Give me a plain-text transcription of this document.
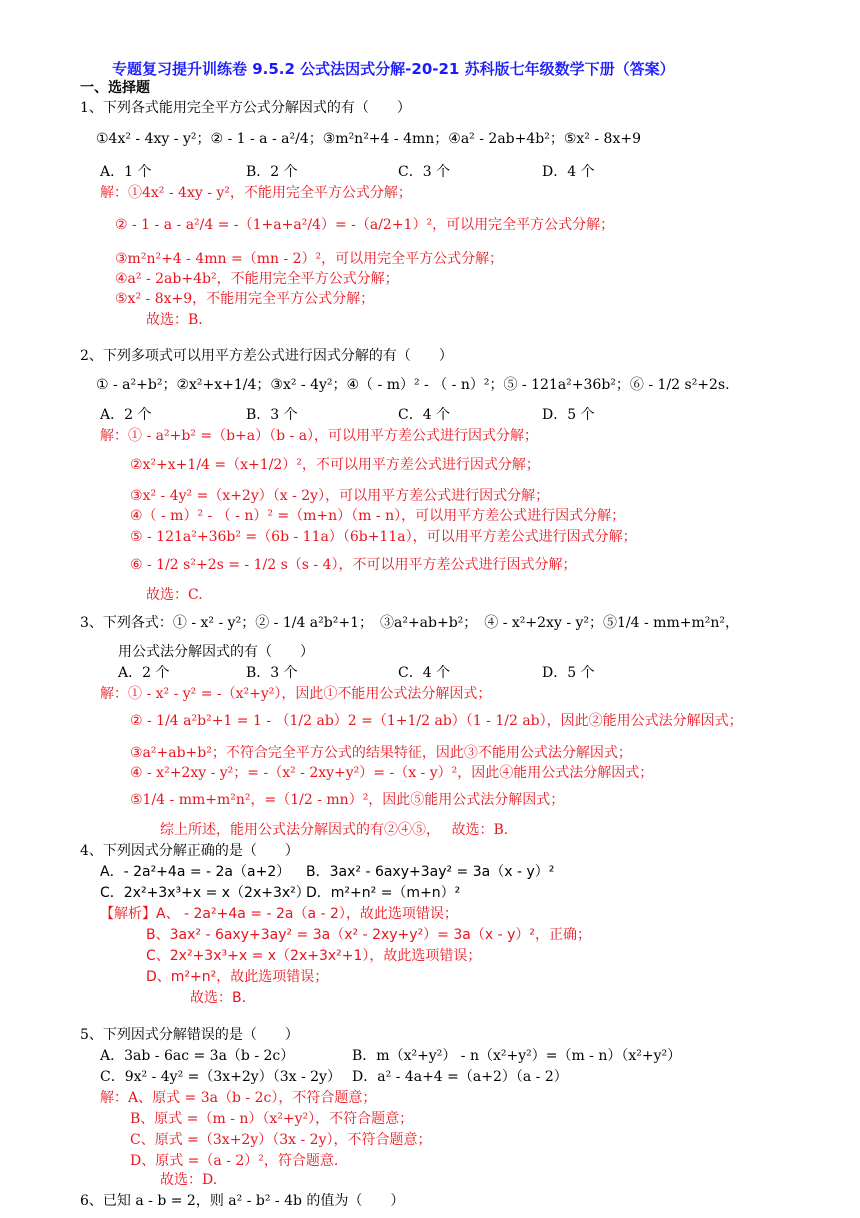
专题复习提升训练卷 9.5.2 公式法因式分解-20-21 苏科版七年级数学下册（答案）
一、选择题
1、下列各式能用完全平方公式分解因式的有（　　）
①4x² - 4xy - y²；② - 1 - a - a²/4；③m²n²+4 - 4mn；④a² - 2ab+4b²；⑤x² - 8x+9
A．1 个	B．2 个	C．3 个	D．4 个
解：①4x² - 4xy - y²，不能用完全平方公式分解；
② - 1 - a - a²/4 = -（1+a+a²/4）= -（a/2+1）²，可以用完全平方公式分解；
③m²n²+4 - 4mn =（mn - 2）²，可以用完全平方公式分解；
④a² - 2ab+4b²，不能用完全平方公式分解；
⑤x² - 8x+9，不能用完全平方公式分解；
故选：B.
2、下列多项式可以用平方差公式进行因式分解的有（　　）
① - a²+b²；②x²+x+1/4；③x² - 4y²；④（ - m）² - （ - n）²；⑤ - 121a²+36b²；⑥ - 1/2 s²+2s.
A．2 个	B．3 个	C．4 个	D．5 个
解：① - a²+b² =（b+a）（b - a），可以用平方差公式进行因式分解；
②x²+x+1/4 =（x+1/2）²，不可以用平方差公式进行因式分解；
③x² - 4y² =（x+2y）（x - 2y），可以用平方差公式进行因式分解；
④（ - m）² - （ - n）² =（m+n）（m - n），可以用平方差公式进行因式分解；
⑤ - 121a²+36b² =（6b - 11a）（6b+11a），可以用平方差公式进行因式分解；
⑥ - 1/2 s²+2s = - 1/2 s（s - 4），不可以用平方差公式进行因式分解；
故选：C.
3、下列各式：① - x² - y²；② - 1/4 a²b²+1；　③a²+ab+b²；　④ - x²+2xy - y²；⑤1/4 - mm+m²n²，
用公式法分解因式的有（　　）
A．2 个	B．3 个	C．4 个	D．5 个
解：① - x² - y² = -（x²+y²），因此①不能用公式法分解因式；
② - 1/4 a²b²+1 = 1 - （1/2 ab）2 =（1+1/2 ab）（1 - 1/2 ab），因此②能用公式法分解因式；
③a²+ab+b²；不符合完全平方公式的结果特征，因此③不能用公式法分解因式；
④ - x²+2xy - y²；= -（x² - 2xy+y²）= -（x - y）²，因此④能用公式法分解因式；
⑤1/4 - mm+m²n²，=（1/2 - mn）²，因此⑤能用公式法分解因式；
综上所述，能用公式法分解因式的有②④⑤，　 故选：B.
4、下列因式分解正确的是（　　）
A．- 2a²+4a = - 2a（a+2） B．3ax² - 6axy+3ay² = 3a（x - y）²
C．2x²+3x³+x = x（2x+3x²）
D．m²+n² =（m+n）²
【解析】A、 - 2a²+4a = - 2a（a - 2），故此选项错误；
B、3ax² - 6axy+3ay² = 3a（x² - 2xy+y²）= 3a（x - y）²，正确；
C、2x²+3x³+x = x（2x+3x²+1），故此选项错误；
D、m²+n²，故此选项错误；
故选：B.
5、下列因式分解错误的是（　　）
A．3ab - 6ac = 3a（b - 2c）	B．m（x²+y²） - n（x²+y²）=（m - n）（x²+y²）
C．9x² - 4y² =（3x+2y）（3x - 2y） D．a² - 4a+4 =（a+2）（a - 2）
解：A、原式 = 3a（b - 2c），不符合题意；
B、原式 =（m - n）（x²+y²），不符合题意；
C、原式 =（3x+2y）（3x - 2y），不符合题意；
D、原式 =（a - 2）²，符合题意.
故选：D.
6、已知 a - b = 2，则 a² - b² - 4b 的值为（　　）
